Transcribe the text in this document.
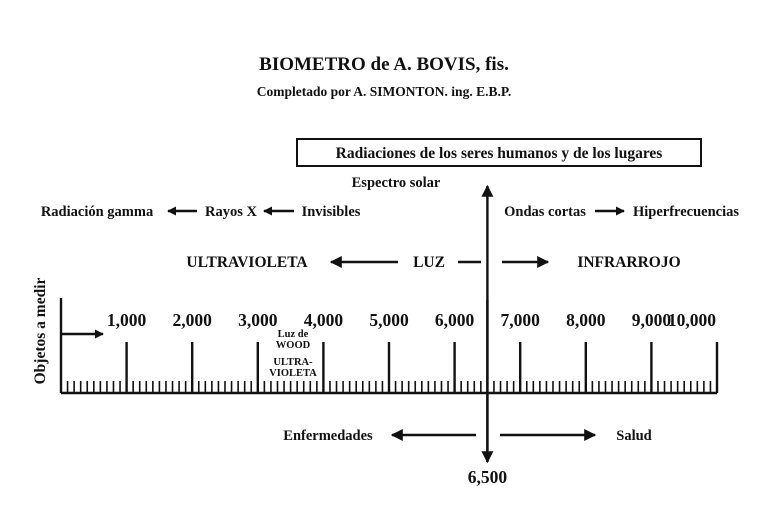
BIOMETRO de A. BOVIS, fis.
Completado por A. SIMONTON. ing. E.B.P.
Radiaciones de los seres humanos y de los lugares
Espectro solar
Radiación gamma	Rayos X	Invisibles	Ondas cortas	Hiperfrecuencias
ULTRAVIOLETA	LUZ	INFRARROJO
Objetos a medir	1,000 2,000 3,000 4,000 5,000 6,000 7,000 8,000 9,000
10,000
Luz de
WOOD
ULTRA-
VIOLETA
6,500
Enfermedades	Salud
